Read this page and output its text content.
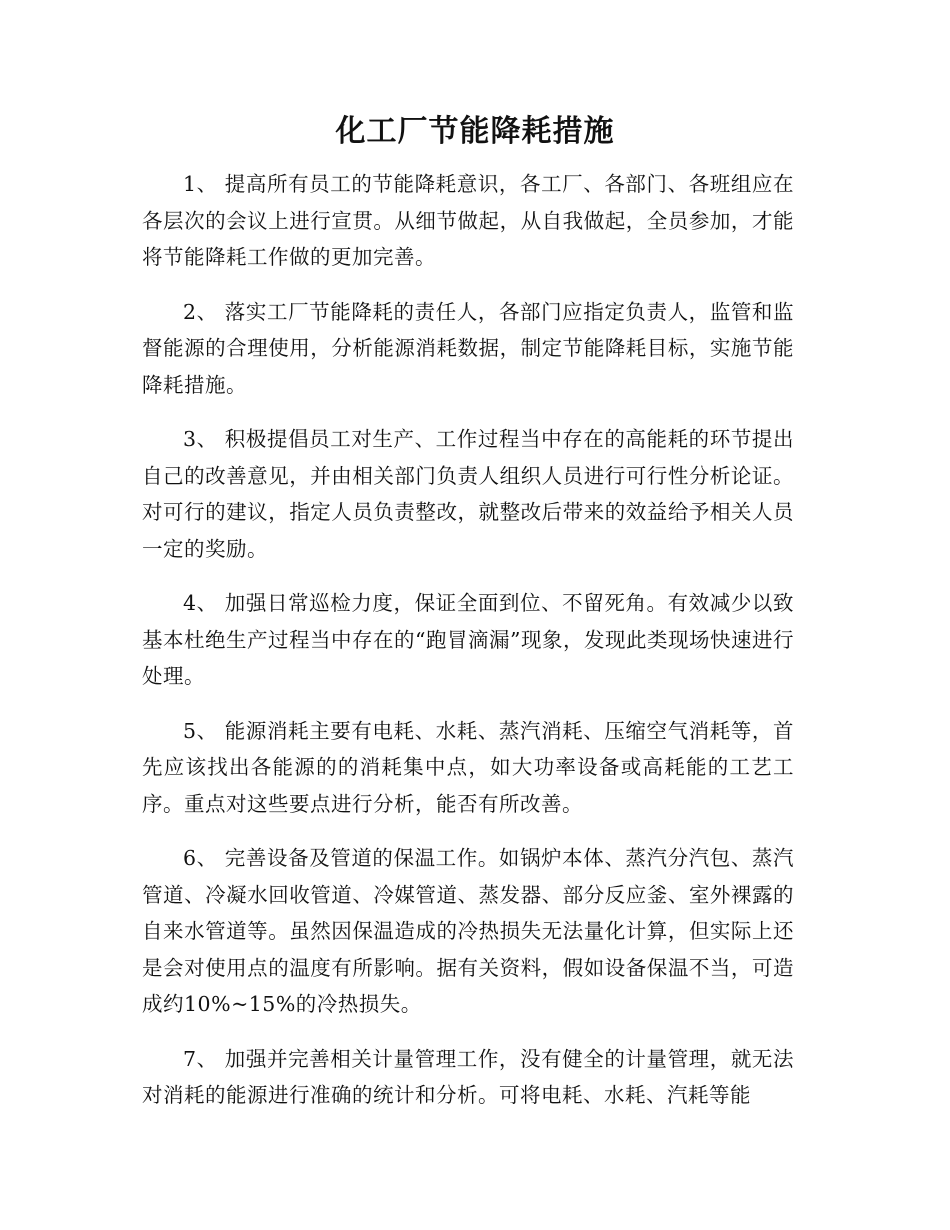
化工厂节能降耗措施

1、 提高所有员工的节能降耗意识，各工厂、各部门、各班组应在各层次的会议上进行宣贯。从细节做起，从自我做起，全员参加，才能将节能降耗工作做的更加完善。

2、 落实工厂节能降耗的责任人，各部门应指定负责人，监管和监督能源的合理使用，分析能源消耗数据，制定节能降耗目标，实施节能降耗措施。

3、 积极提倡员工对生产、工作过程当中存在的高能耗的环节提出自己的改善意见，并由相关部门负责人组织人员进行可行性分析论证。对可行的建议，指定人员负责整改，就整改后带来的效益给予相关人员一定的奖励。

4、 加强日常巡检力度，保证全面到位、不留死角。有效减少以致基本杜绝生产过程当中存在的“跑冒滴漏”现象，发现此类现场快速进行处理。

5、 能源消耗主要有电耗、水耗、蒸汽消耗、压缩空气消耗等，首先应该找出各能源的的消耗集中点，如大功率设备或高耗能的工艺工序。重点对这些要点进行分析，能否有所改善。

6、 完善设备及管道的保温工作。如锅炉本体、蒸汽分汽包、蒸汽管道、冷凝水回收管道、冷媒管道、蒸发器、部分反应釜、室外裸露的自来水管道等。虽然因保温造成的冷热损失无法量化计算，但实际上还是会对使用点的温度有所影响。据有关资料，假如设备保温不当，可造成约10%~15%的冷热损失。

7、 加强并完善相关计量管理工作，没有健全的计量管理，就无法对消耗的能源进行准确的统计和分析。可将电耗、水耗、汽耗等能
